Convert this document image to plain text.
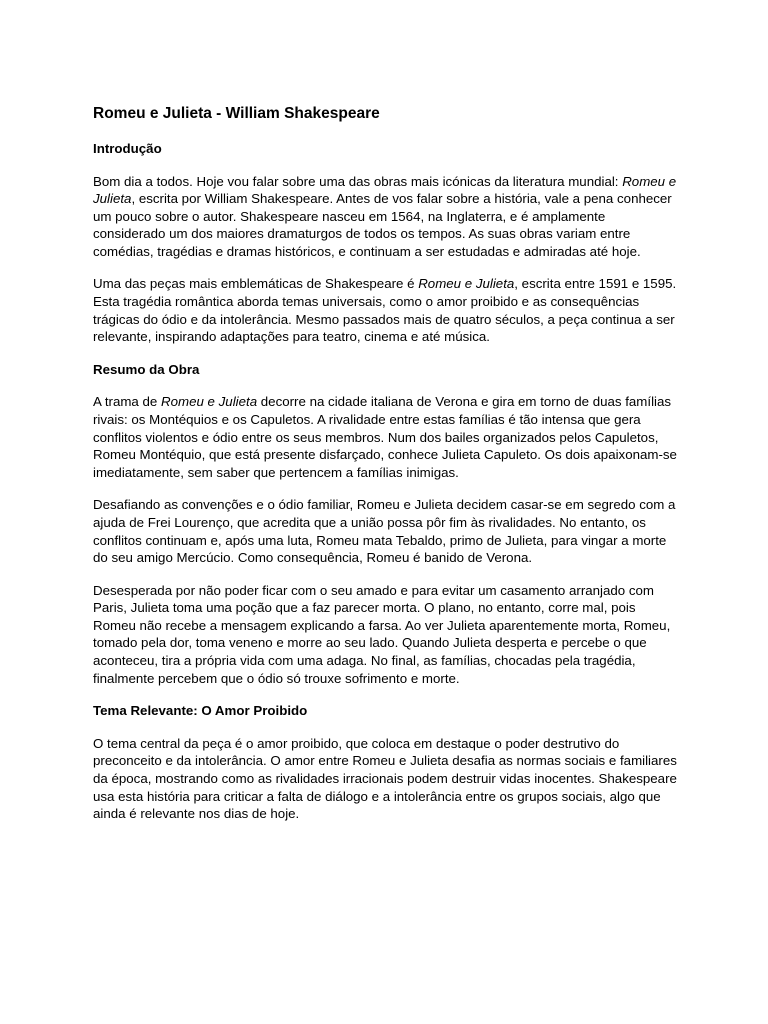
Romeu e Julieta - William Shakespeare
Introdução

Bom dia a todos. Hoje vou falar sobre uma das obras mais icónicas da literatura mundial: Romeu e Julieta, escrita por William Shakespeare. Antes de vos falar sobre a história, vale a pena conhecer um pouco sobre o autor. Shakespeare nasceu em 1564, na Inglaterra, e é amplamente considerado um dos maiores dramaturgos de todos os tempos. As suas obras variam entre comédias, tragédias e dramas históricos, e continuam a ser estudadas e admiradas até hoje.

Uma das peças mais emblemáticas de Shakespeare é Romeu e Julieta, escrita entre 1591 e 1595. Esta tragédia romântica aborda temas universais, como o amor proibido e as consequências trágicas do ódio e da intolerância. Mesmo passados mais de quatro séculos, a peça continua a ser relevante, inspirando adaptações para teatro, cinema e até música.

Resumo da Obra

A trama de Romeu e Julieta decorre na cidade italiana de Verona e gira em torno de duas famílias rivais: os Montéquios e os Capuletos. A rivalidade entre estas famílias é tão intensa que gera conflitos violentos e ódio entre os seus membros. Num dos bailes organizados pelos Capuletos, Romeu Montéquio, que está presente disfarçado, conhece Julieta Capuleto. Os dois apaixonam-se imediatamente, sem saber que pertencem a famílias inimigas.

Desafiando as convenções e o ódio familiar, Romeu e Julieta decidem casar-se em segredo com a ajuda de Frei Lourenço, que acredita que a união possa pôr fim às rivalidades. No entanto, os conflitos continuam e, após uma luta, Romeu mata Tebaldo, primo de Julieta, para vingar a morte do seu amigo Mercúcio. Como consequência, Romeu é banido de Verona.

Desesperada por não poder ficar com o seu amado e para evitar um casamento arranjado com Paris, Julieta toma uma poção que a faz parecer morta. O plano, no entanto, corre mal, pois Romeu não recebe a mensagem explicando a farsa. Ao ver Julieta aparentemente morta, Romeu, tomado pela dor, toma veneno e morre ao seu lado. Quando Julieta desperta e percebe o que aconteceu, tira a própria vida com uma adaga. No final, as famílias, chocadas pela tragédia, finalmente percebem que o ódio só trouxe sofrimento e morte.

Tema Relevante: O Amor Proibido

O tema central da peça é o amor proibido, que coloca em destaque o poder destrutivo do preconceito e da intolerância. O amor entre Romeu e Julieta desafia as normas sociais e familiares da época, mostrando como as rivalidades irracionais podem destruir vidas inocentes. Shakespeare usa esta história para criticar a falta de diálogo e a intolerância entre os grupos sociais, algo que ainda é relevante nos dias de hoje.
